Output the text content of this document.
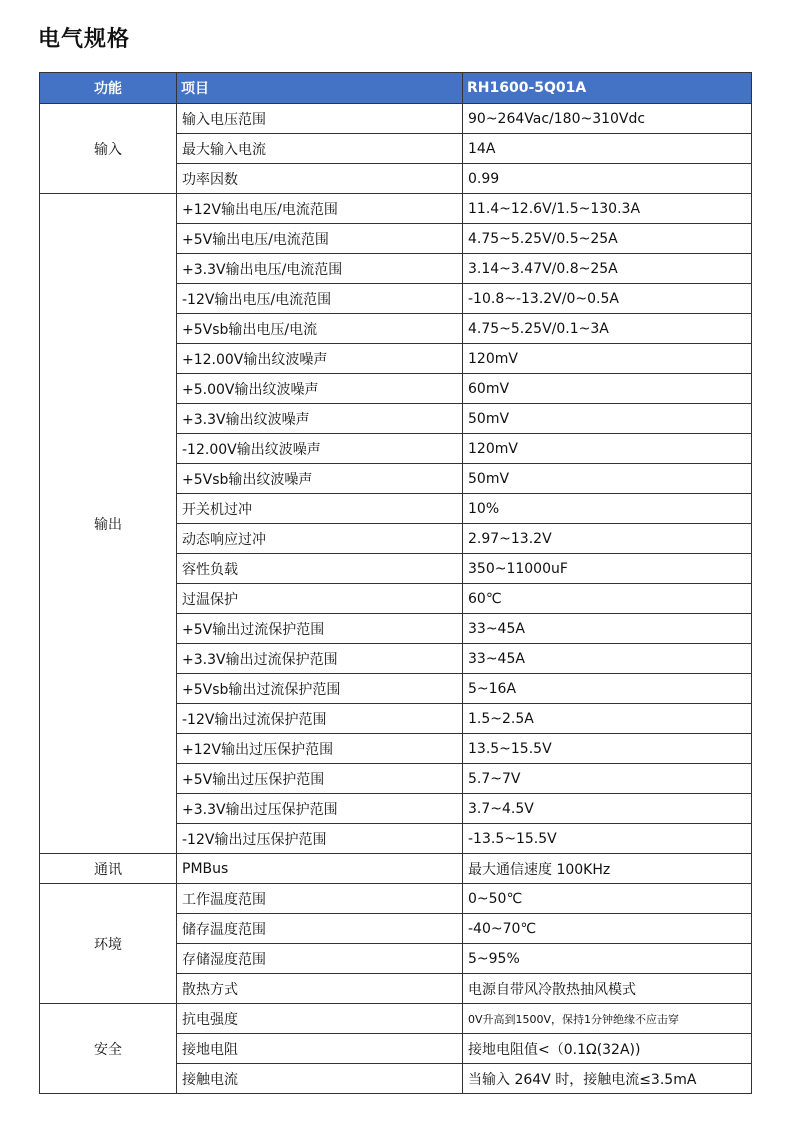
电气规格
功能	项目	RH1600-5Q01A
输入	输入电压范围	90~264Vac/180~310Vdc
	最大输入电流	14A
	功率因数	0.99
输出	+12V输出电压/电流范围	11.4~12.6V/1.5~130.3A
	+5V输出电压/电流范围	4.75~5.25V/0.5~25A
	+3.3V输出电压/电流范围	3.14~3.47V/0.8~25A
	-12V输出电压/电流范围	-10.8~-13.2V/0~0.5A
	+5Vsb输出电压/电流	4.75~5.25V/0.1~3A
	+12.00V输出纹波噪声	120mV
	+5.00V输出纹波噪声	60mV
	+3.3V输出纹波噪声	50mV
	-12.00V输出纹波噪声	120mV
	+5Vsb输出纹波噪声	50mV
	开关机过冲	10%
	动态响应过冲	2.97~13.2V
	容性负载	350~11000uF
	过温保护	60℃
	+5V输出过流保护范围	33~45A
	+3.3V输出过流保护范围	33~45A
	+5Vsb输出过流保护范围	5~16A
	-12V输出过流保护范围	1.5~2.5A
	+12V输出过压保护范围	13.5~15.5V
	+5V输出过压保护范围	5.7~7V
	+3.3V输出过压保护范围	3.7~4.5V
	-12V输出过压保护范围	-13.5~15.5V
通讯	PMBus	最大通信速度 100KHz
环境	工作温度范围	0~50℃
	储存温度范围	-40~70℃
	存储湿度范围	5~95%
	散热方式	电源自带风冷散热抽风模式
安全	抗电强度	0V升高到1500V，保持1分钟绝缘不应击穿
	接地电阻	接地电阻值<（0.1Ω(32A))
	接触电流	当输入 264V 时，接触电流≤3.5mA
